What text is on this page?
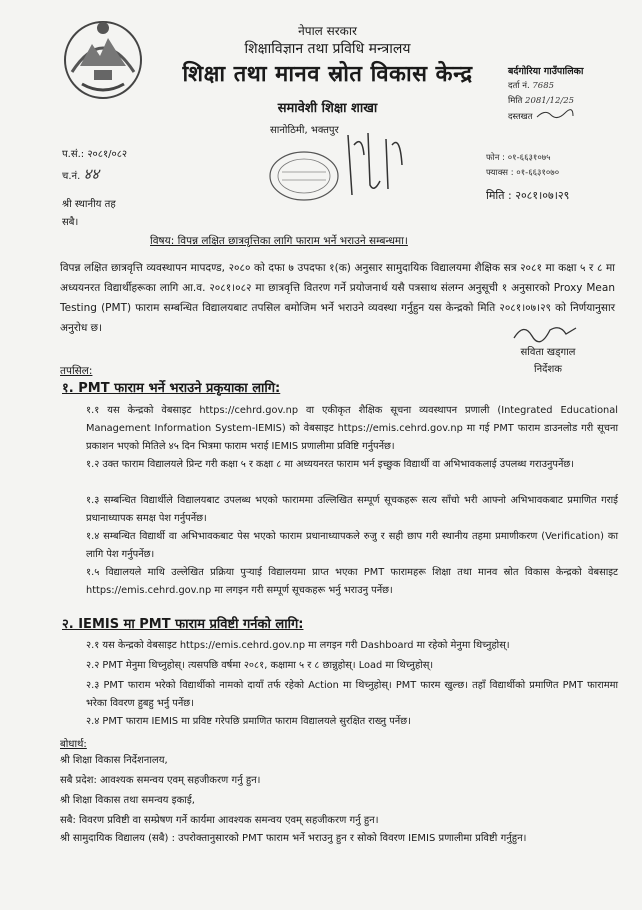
नेपाल सरकार
शिक्षाविज्ञान तथा प्रविधि मन्त्रालय
शिक्षा तथा मानव स्रोत विकास केन्द्र
समावेशी शिक्षा शाखा
सानोठिमी, भक्तपुर
बर्दगोरिया गाउँपालिका
दर्ता नं. 7685
मिति 2081/12/25
दस्तखत
प.सं.: २०८१/०८२
च.नं. ४४
श्री स्थानीय तह
सबै।
फोन : ०१-६६३१०७५
फ्याक्स : ०१-६६३१०७०
मिति : २०८१।०७।२९
विषय: विपन्न लक्षित छात्रवृत्तिका लागि फाराम भर्ने भराउने सम्बन्धमा।
विपन्न लक्षित छात्रवृत्ति व्यवस्थापन मापदण्ड, २०८० को दफा ७ उपदफा १(क) अनुसार सामुदायिक विद्यालयमा शैक्षिक सत्र २०८१ मा कक्षा ५ र ८ मा अध्ययनरत विद्यार्थीहरूका लागि आ.व. २०८१।०८२ मा छात्रवृत्ति वितरण गर्ने प्रयोजनार्थ यसै पत्रसाथ संलग्न अनुसूची १ अनुसारको Proxy Mean Testing (PMT) फाराम सम्बन्धित विद्यालयबाट तपसिल बमोजिम भर्ने भराउने व्यवस्था गर्नुहुन यस केन्द्रको मिति २०८१।०७।२९ को निर्णयानुसार अनुरोध छ।
सविता खड्गाल
निर्देशक
तपसिल:
१. PMT फाराम भर्ने भराउने प्रकृयाका लागि:
१.१ यस केन्द्रको वेबसाइट https://cehrd.gov.np वा एकीकृत शैक्षिक सूचना व्यवस्थापन प्रणाली (Integrated Educational Management Information System-IEMIS) को वेबसाइट https://emis.cehrd.gov.np मा गई PMT फाराम डाउनलोड गरी सूचना प्रकाशन भएको मितिले ४५ दिन भित्रमा फाराम भराई IEMIS प्रणालीमा प्रविष्टि गर्नुपर्नेछ।
१.२ उक्त फाराम विद्यालयले प्रिन्ट गरी कक्षा ५ र कक्षा ८ मा अध्ययनरत फाराम भर्न इच्छुक विद्यार्थी वा अभिभावकलाई उपलब्ध गराउनुपर्नेछ।
१.३ सम्बन्धित विद्यार्थीले विद्यालयबाट उपलब्ध भएको फाराममा उल्लिखित सम्पूर्ण सूचकहरू सत्य साँचो भरी आफ्नो अभिभावकबाट प्रमाणित गराई प्रधानाध्यापक समक्ष पेश गर्नुपर्नेछ।
१.४ सम्बन्धित विद्यार्थी वा अभिभावकबाट पेस भएको फाराम प्रधानाध्यापकले रुजु र सही छाप गरी स्थानीय तहमा प्रमाणीकरण (Verification) का लागि पेश गर्नुपर्नेछ।
१.५ विद्यालयले माथि उल्लेखित प्रक्रिया पुऱ्याई विद्यालयमा प्राप्त भएका PMT फारामहरू शिक्षा तथा मानव स्रोत विकास केन्द्रको वेबसाइट https://emis.cehrd.gov.np मा लगइन गरी सम्पूर्ण सूचकहरू भर्नु भराउनु पर्नेछ।
२. IEMIS मा PMT फाराम प्रविष्टी गर्नको लागि:
२.१ यस केन्द्रको वेबसाइट https://emis.cehrd.gov.np मा लगइन गरी Dashboard मा रहेको मेनुमा थिच्नुहोस्।
२.२ PMT मेनुमा थिच्नुहोस्। त्यसपछि वर्षमा २०८१, कक्षामा ५ र ८ छान्नुहोस्। Load मा थिच्नुहोस्।
२.३ PMT फाराम भरेको विद्यार्थीको नामको दायाँ तर्फ रहेको Action मा थिच्नुहोस्। PMT फारम खुल्छ। तहाँ विद्यार्थीको प्रमाणित PMT फाराममा भरेका विवरण हुबहु भर्नु पर्नेछ।
२.४ PMT फाराम IEMIS मा प्रविष्ट गरेपछि प्रमाणित फाराम विद्यालयले सुरक्षित राख्नु पर्नेछ।
बोधार्थ:
श्री शिक्षा विकास निर्देशनालय,
सबै प्रदेश: आवश्यक समन्वय एवम् सहजीकरण गर्नु हुन।
श्री शिक्षा विकास तथा समन्वय इकाई,
सबै: विवरण प्रविष्टी वा सम्प्रेषण गर्ने कार्यमा आवश्यक समन्वय एवम् सहजीकरण गर्नु हुन।
श्री सामुदायिक विद्यालय (सबै) : उपरोक्तानुसारको PMT फाराम भर्ने भराउनु हुन र सोको विवरण IEMIS प्रणालीमा प्रविष्टी गर्नुहुन।
